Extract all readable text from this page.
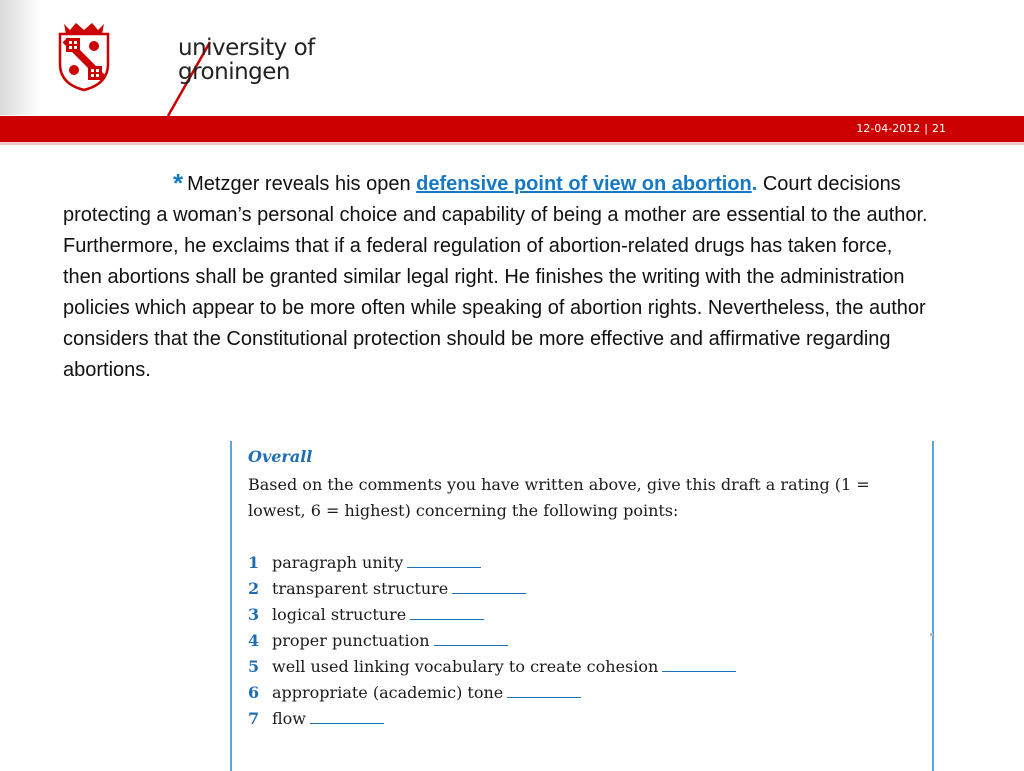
university of
groningen
12-04-2012 | 21
* Metzger reveals his open defensive point of view on abortion. Court decisions protecting a woman’s personal choice and capability of being a mother are essential to the author. Furthermore, he exclaims that if a federal regulation of abortion-related drugs has taken force, then abortions shall be granted similar legal right. He finishes the writing with the administration policies which appear to be more often while speaking of abortion rights. Nevertheless, the author considers that the Constitutional protection should be more effective and affirmative regarding abortions.
Overall
Based on the comments you have written above, give this draft a rating (1 = lowest, 6 = highest) concerning the following points:
1 paragraph unity
2 transparent structure
3 logical structure
4 proper punctuation
5 well used linking vocabulary to create cohesion
6 appropriate (academic) tone
7 flow
